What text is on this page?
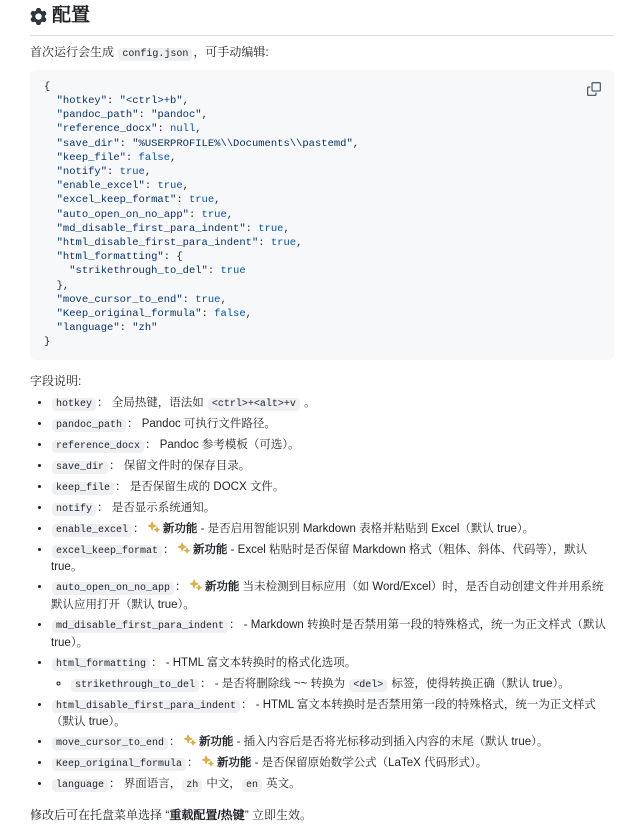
配置

首次运行会生成 config.json ，可手动编辑:

{
"hotkey": "<ctrl>+b",
"pandoc_path": "pandoc",
"reference_docx": null,
"save_dir": "%USERPROFILE%\\Documents\\pastemd",
"keep_file": false,
"notify": true,
"enable_excel": true,
"excel_keep_format": true,
"auto_open_on_no_app": true,
"md_disable_first_para_indent": true,
"html_disable_first_para_indent": true,
"html_formatting": {
"strikethrough_to_del": true
},
"move_cursor_to_end": true,
"Keep_original_formula": false,
"language": "zh"
}

字段说明:

• hotkey ： 全局热键，语法如 <ctrl>+<alt>+v 。
• pandoc_path ： Pandoc 可执行文件路径。
• reference_docx ： Pandoc 参考模板（可选）。
• save_dir ： 保留文件时的保存目录。
• keep_file ： 是否保留生成的 DOCX 文件。
• notify ： 是否显示系统通知。
• enable_excel ：  新功能 - 是否启用智能识别 Markdown 表格并粘贴到 Excel（默认 true）。
• excel_keep_format ：  新功能 - Excel 粘贴时是否保留 Markdown 格式（粗体、斜体、代码等），默认 true。
• auto_open_on_no_app ：  新功能 当未检测到目标应用（如 Word/Excel）时，是否自动创建文件并用系统默认应用打开（默认 true）。
• md_disable_first_para_indent ： - Markdown 转换时是否禁用第一段的特殊格式，统一为正文样式（默认 true）。
• html_formatting ： - HTML 富文本转换时的格式化选项。
◦ strikethrough_to_del ： - 是否将删除线 ~~ 转换为 <del> 标签，使得转换正确（默认 true）。
• html_disable_first_para_indent ： - HTML 富文本转换时是否禁用第一段的特殊格式，统一为正文样式（默认 true）。
• move_cursor_to_end ：  新功能 - 插入内容后是否将光标移动到插入内容的末尾（默认 true）。
• Keep_original_formula ：  新功能 - 是否保留原始数学公式（LaTeX 代码形式）。
• language ： 界面语言， zh 中文， en 英文。

修改后可在托盘菜单选择 “重载配置/热键” 立即生效。
